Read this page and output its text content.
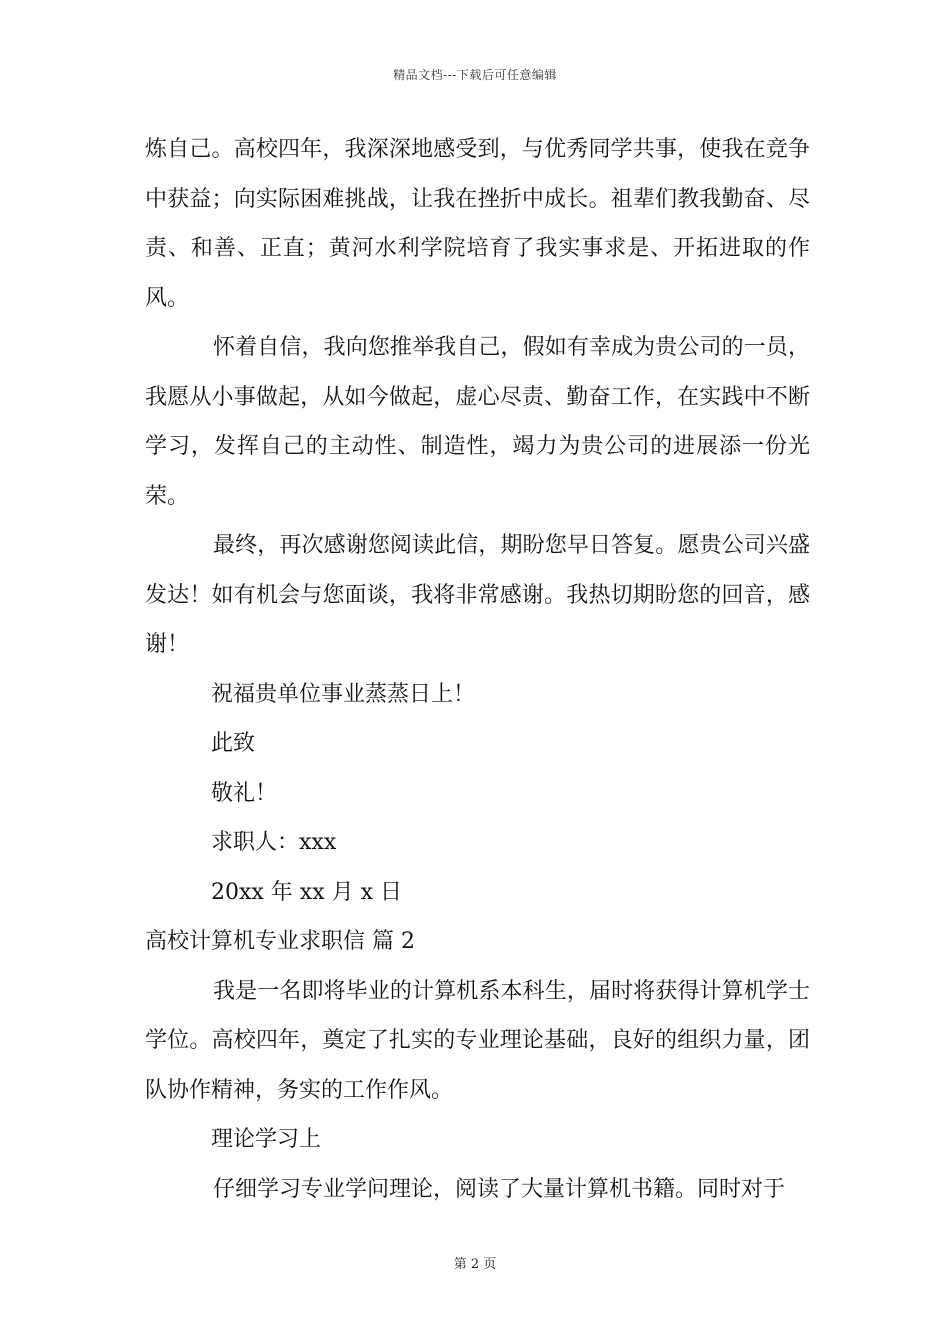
精品文档---下载后可任意编辑

炼自己。高校四年，我深深地感受到，与优秀同学共事，使我在竞争中获益；向实际困难挑战，让我在挫折中成长。祖辈们教我勤奋、尽责、和善、正直；黄河水利学院培育了我实事求是、开拓进取的作风。

怀着自信，我向您推举我自己，假如有幸成为贵公司的一员，我愿从小事做起，从如今做起，虚心尽责、勤奋工作，在实践中不断学习，发挥自己的主动性、制造性，竭力为贵公司的进展添一份光荣。

最终，再次感谢您阅读此信，期盼您早日答复。愿贵公司兴盛发达！如有机会与您面谈，我将非常感谢。我热切期盼您的回音，感谢！

祝福贵单位事业蒸蒸日上！

此致

敬礼！

求职人：xxx

20xx 年 xx 月 x 日

高校计算机专业求职信 篇 2

我是一名即将毕业的计算机系本科生，届时将获得计算机学士学位。高校四年，奠定了扎实的专业理论基础，良好的组织力量，团队协作精神，务实的工作作风。

理论学习上

仔细学习专业学问理论，阅读了大量计算机书籍。同时对于

第 2 页
